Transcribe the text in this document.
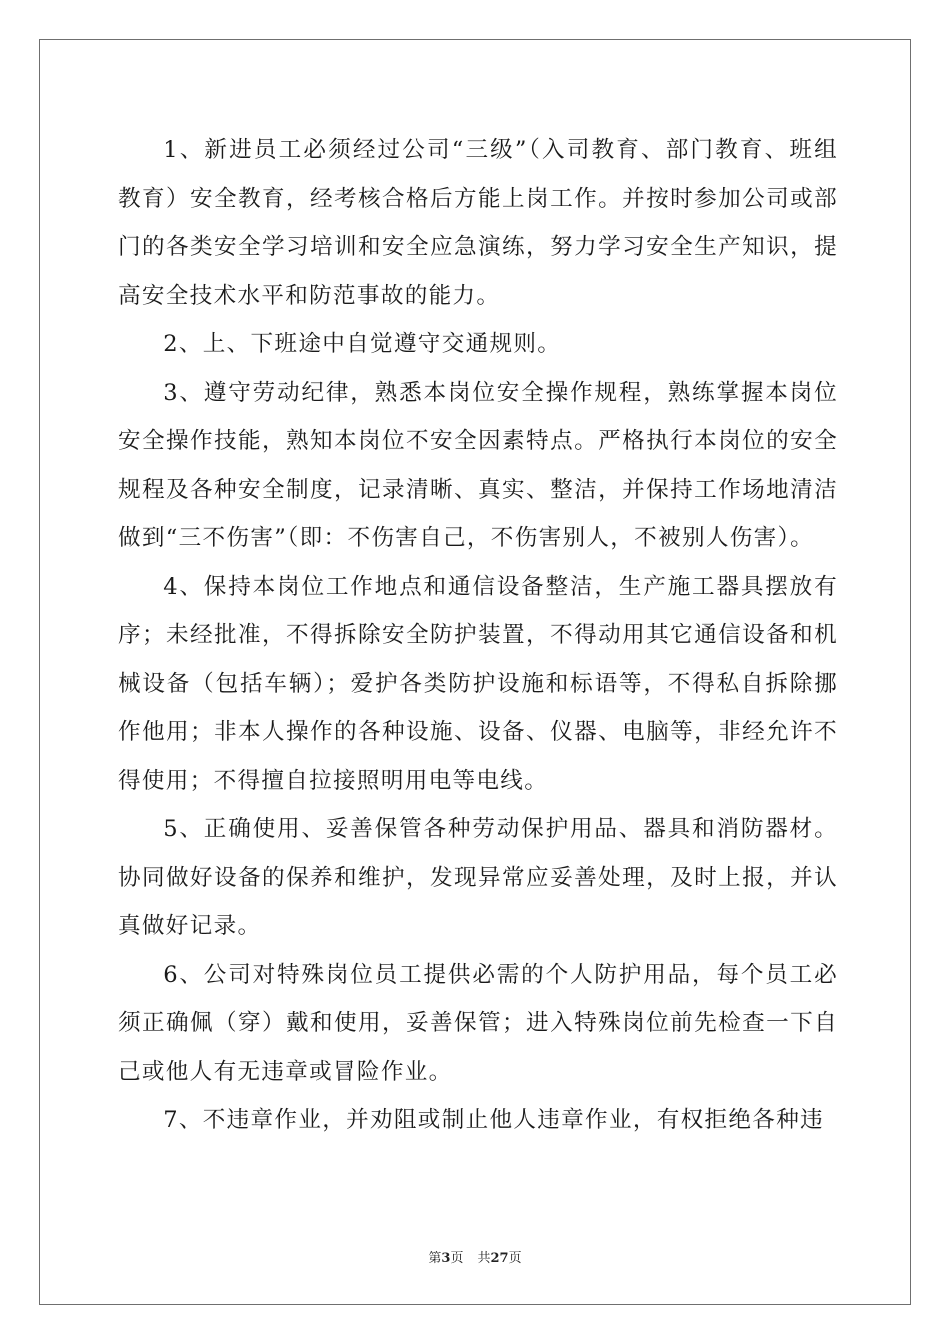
1、新进员工必须经过公司“三级”（入司教育、部门教育、班组教育）安全教育，经考核合格后方能上岗工作。并按时参加公司或部门的各类安全学习培训和安全应急演练，努力学习安全生产知识，提高安全技术水平和防范事故的能力。

2、上、下班途中自觉遵守交通规则。

3、遵守劳动纪律，熟悉本岗位安全操作规程，熟练掌握本岗位安全操作技能，熟知本岗位不安全因素特点。严格执行本岗位的安全规程及各种安全制度，记录清晰、真实、整洁，并保持工作场地清洁做到“三不伤害”（即：不伤害自己，不伤害别人，不被别人伤害）。

4、保持本岗位工作地点和通信设备整洁，生产施工器具摆放有序；未经批准，不得拆除安全防护装置，不得动用其它通信设备和机械设备（包括车辆）；爱护各类防护设施和标语等，不得私自拆除挪作他用；非本人操作的各种设施、设备、仪器、电脑等，非经允许不得使用；不得擅自拉接照明用电等电线。

5、正确使用、妥善保管各种劳动保护用品、器具和消防器材。协同做好设备的保养和维护，发现异常应妥善处理，及时上报，并认真做好记录。

6、公司对特殊岗位员工提供必需的个人防护用品，每个员工必须正确佩（穿）戴和使用，妥善保管；进入特殊岗位前先检查一下自己或他人有无违章或冒险作业。

7、不违章作业，并劝阻或制止他人违章作业，有权拒绝各种违

第3页 共27页
